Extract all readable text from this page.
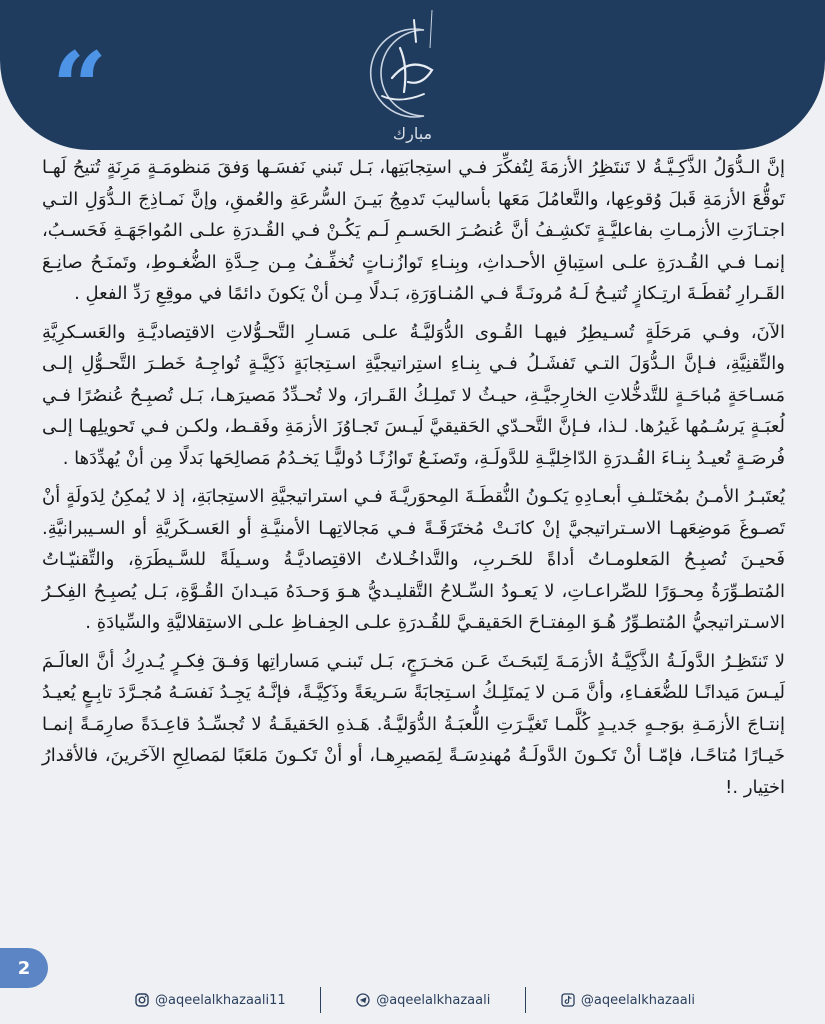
“	مبارك

إنَّ الـدُّوَلُ الذَّكِـيَّـةُ لا تَنتَظِرُ الأزمَةَ لِتُفكِّرَ فـي استِجابَتِها، بَـل تَبني نَفسَـها وَفقَ مَنظومَـةٍ مَرِنَةٍ تُتيحُ لَهـا تَوقُّعَ الأزمَةِ قَبلَ وُقوعِها، والتَّعامُلَ مَعَها بأساليبَ تَدمِجُ بَيـنَ السُّرعَةِ والعُمقِ، وإنَّ نَمـاذِجَ الـدُّوَلِ التـي اجتـازَتِ الأزمـاتِ بفاعليَّـةٍ تَكشِـفُ أنَّ عُنصُـرَ الحَسـمِ لَـم يَكُـنْ فـي القُـدرَةِ علـى المُواجَهَـةِ فَحَسـبُ، إنمـا فـي القُـدرَةِ علـى استِباقِ الأحـداثِ، وبِنـاءِ تَوازُنـاتٍ تُخفِّـفُ مِـن حِـدَّةِ الضُّغـوطِ، وتَمنَـحُ صانِـعَ القَـرارِ نُقطَـةَ ارتِـكازٍ تُتيـحُ لَـهُ مُرونَـةً فـي المُنـاوَرَةِ، بَـدلًا مِـن أنْ يَكونَ دائمًا في موقِعِ رَدِّ الفعلِ .

الآنَ، وفـي مَرحَلَةٍ تُسـيطِرُ فيهـا القُـوى الدُّوَليَّـةُ علـى مَسـارِ التَّحـوُّلاتِ الاقتِصاديَّـةِ والعَسـكرِيَّةِ والتِّقنِيَّةِ، فـإنَّ الـدُّوَلَ التـي تَفشَـلُ فـي بِنـاءِ استِراتيجيَّةِ اسـتِجابَةٍ ذَكِيَّـةٍ تُواجِـهُ خَطـرَ التَّحـوُّلِ إلـى مَسـاحَةٍ مُباحَـةٍ للتَّدخُّلاتِ الخارِجيَّـةِ، حيـثُ لا تَملِـكُ القَـرارَ، ولا تُحـدِّدُ مَصيرَهـا، بَـل تُصبِـحُ عُنصُرًا فـي لُعبَـةٍ يَرسُـمُها غَيرُها. لـذا، فـإنَّ التَّحـدّي الحَقيقيَّ لَيـسَ تَجـاوُزَ الأزمَةِ وفَقـط، ولكـن فـي تَحويلِهـا إلـى فُرصَـةٍ تُعيـدُ بِنـاءَ القُـدرَةِ الدّاخِليَّـةِ للدَّولَـةِ، وتَصنَـعُ تَوازُنًـا دُوليًّـا يَخـدُمُ مَصالِحَها بَدلًا مِن أنْ يُهدِّدَها .

يُعتَبـرُ الأمـنُ بمُختَلـفِ أبعـادِهِ يَكـونُ النُّقطَـةَ المِحوَريَّـةَ فـي استراتيجيَّةِ الاستِجابَةِ، إذ لا يُمكِنُ لِدَولَةٍ أنْ تَصـوغَ مَوضِعَهـا الاسـتراتيجيَّ إنْ كانَـتْ مُختَرَقَـةً فـي مَجالاتِهـا الأمنيَّـةِ أو العَسـكَريَّةِ أو السـيبرانيَّةِ. فَحيـنَ تُصبِـحُ المَعلومـاتُ أداةً للحَـربِ، والتَّداخُـلاتُ الاقتِصاديَّـةُ وسـيلَةً للسَّـيطَرَةِ، والتِّقنيّـاتُ المُتطـوِّرَةُ مِحـوَرًا للصِّراعـاتِ، لا يَعـودُ السِّـلاحُ التَّقليـديُّ هـوَ وَحـدَهُ مَيـدانَ القُـوَّةِ، بَـل يُصبِـحُ الفِكـرُ الاسـتراتيجيُّ المُتطـوِّرُ هُـوَ المِفتـاحَ الحَقيقـيَّ للقُـدرَةِ علـى الحِفـاظِ علـى الاستِقلاليَّةِ والسِّيادَةِ .

لا تَنتَظِـرُ الدَّولَـةُ الذَّكِيَّـةُ الأزمَـةَ لِتَبحَـثَ عَـن مَخـرَجٍ، بَـل تَبنـي مَساراتِها وَفـقَ فِكـرٍ يُـدرِكُ أنَّ العالَـمَ لَيـسَ مَيدانًـا للضُّعَفـاءِ، وأنَّ مَـن لا يَمتَلِـكُ اسـتِجابَةً سَـريعَةً وذَكِيَّـةً، فإنَّـهُ يَجِـدُ نَفسَـهُ مُجـرَّدَ تابِـعٍ يُعيـدُ إنتـاجَ الأزمَـةِ بوَجـهٍ جَديـدٍ كُلَّمـا تَغيَّـرَتِ اللُّعبَـةُ الدُّوَليَّـةُ. هَـذهِ الحَقيقَـةُ لا تُجسِّـدُ قاعِـدَةً صارِمَـةً إنمـا خَيـارًا مُتاحًـا، فإمّـا أنْ تَكـونَ الدَّولَـةُ مُهندِسَـةً لِمَصيرِهـا، أو أنْ تَكـونَ مَلعَبًا لمَصالِحِ الآخَرينَ، فالأقدارُ اختِيار .!

2
@aqeelalkhazaali11	@aqeelalkhazaali	@aqeelalkhazaali
